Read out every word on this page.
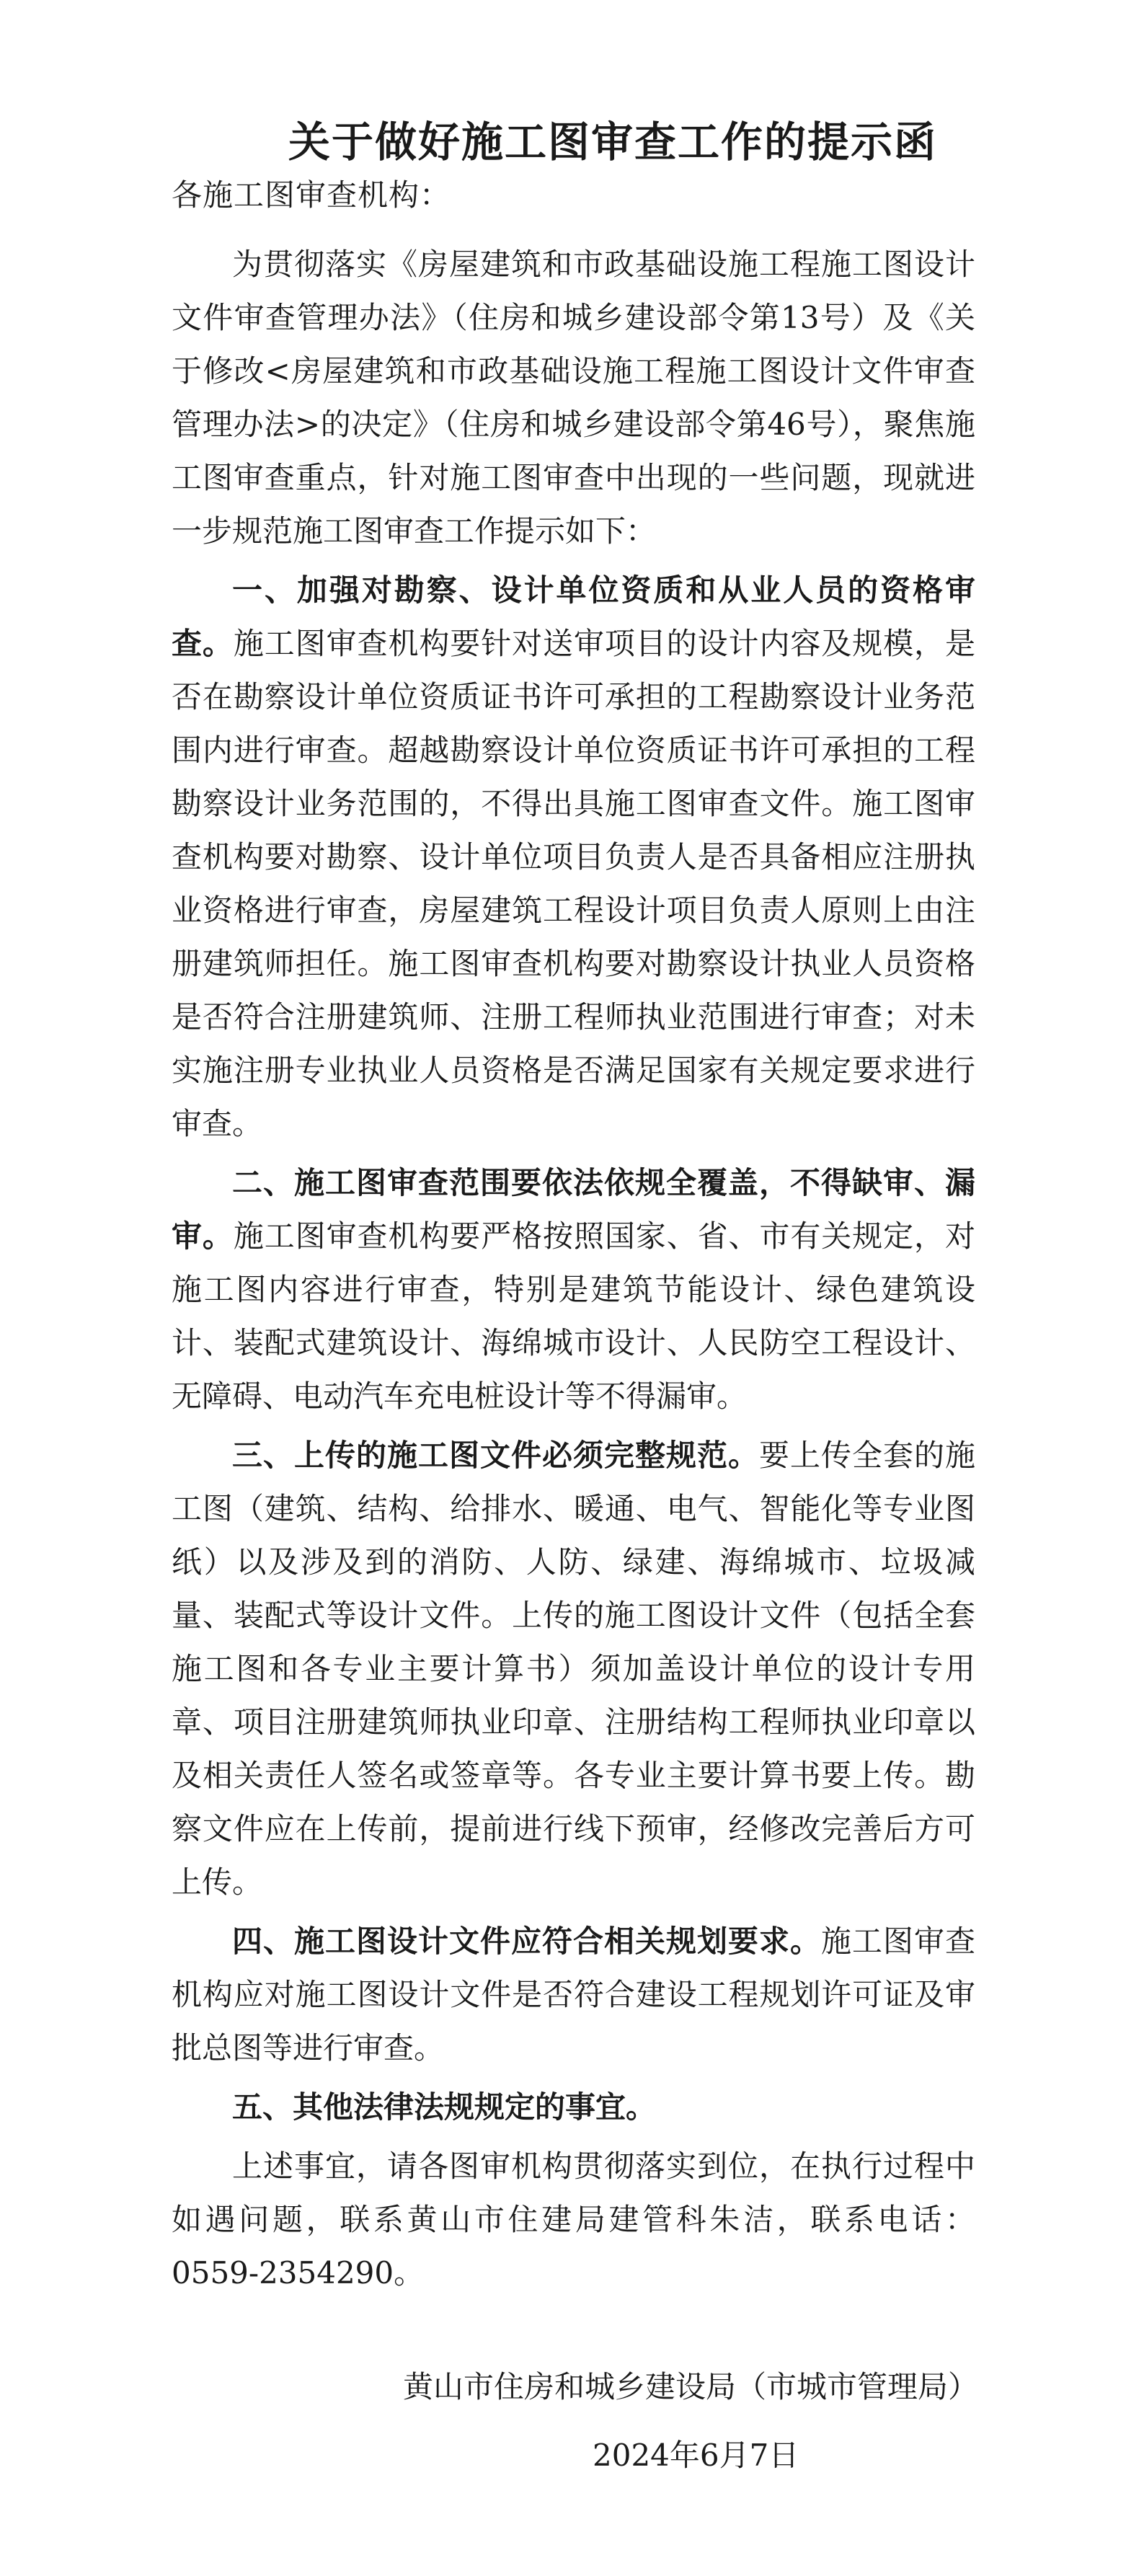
关于做好施工图审查工作的提示函

各施工图审查机构：

为贯彻落实《房屋建筑和市政基础设施工程施工图设计文件审查管理办法》（住房和城乡建设部令第13号）及《关于修改<房屋建筑和市政基础设施工程施工图设计文件审查管理办法>的决定》（住房和城乡建设部令第46号），聚焦施工图审查重点，针对施工图审查中出现的一些问题，现就进一步规范施工图审查工作提示如下：

一、加强对勘察、设计单位资质和从业人员的资格审查。施工图审查机构要针对送审项目的设计内容及规模，是否在勘察设计单位资质证书许可承担的工程勘察设计业务范围内进行审查。超越勘察设计单位资质证书许可承担的工程勘察设计业务范围的，不得出具施工图审查文件。施工图审查机构要对勘察、设计单位项目负责人是否具备相应注册执业资格进行审查，房屋建筑工程设计项目负责人原则上由注册建筑师担任。施工图审查机构要对勘察设计执业人员资格是否符合注册建筑师、注册工程师执业范围进行审查；对未实施注册专业执业人员资格是否满足国家有关规定要求进行审查。

二、施工图审查范围要依法依规全覆盖，不得缺审、漏审。施工图审查机构要严格按照国家、省、市有关规定，对施工图内容进行审查，特别是建筑节能设计、绿色建筑设计、装配式建筑设计、海绵城市设计、人民防空工程设计、无障碍、电动汽车充电桩设计等不得漏审。

三、上传的施工图文件必须完整规范。要上传全套的施工图（建筑、结构、给排水、暖通、电气、智能化等专业图纸）以及涉及到的消防、人防、绿建、海绵城市、垃圾减量、装配式等设计文件。上传的施工图设计文件（包括全套施工图和各专业主要计算书）须加盖设计单位的设计专用章、项目注册建筑师执业印章、注册结构工程师执业印章以及相关责任人签名或签章等。各专业主要计算书要上传。勘察文件应在上传前，提前进行线下预审，经修改完善后方可上传。

四、施工图设计文件应符合相关规划要求。施工图审查机构应对施工图设计文件是否符合建设工程规划许可证及审批总图等进行审查。

五、其他法律法规规定的事宜。

上述事宜，请各图审机构贯彻落实到位，在执行过程中如遇问题，联系黄山市住建局建管科朱洁，联系电话：0559-2354290。

黄山市住房和城乡建设局（市城市管理局）

2024年6月7日
